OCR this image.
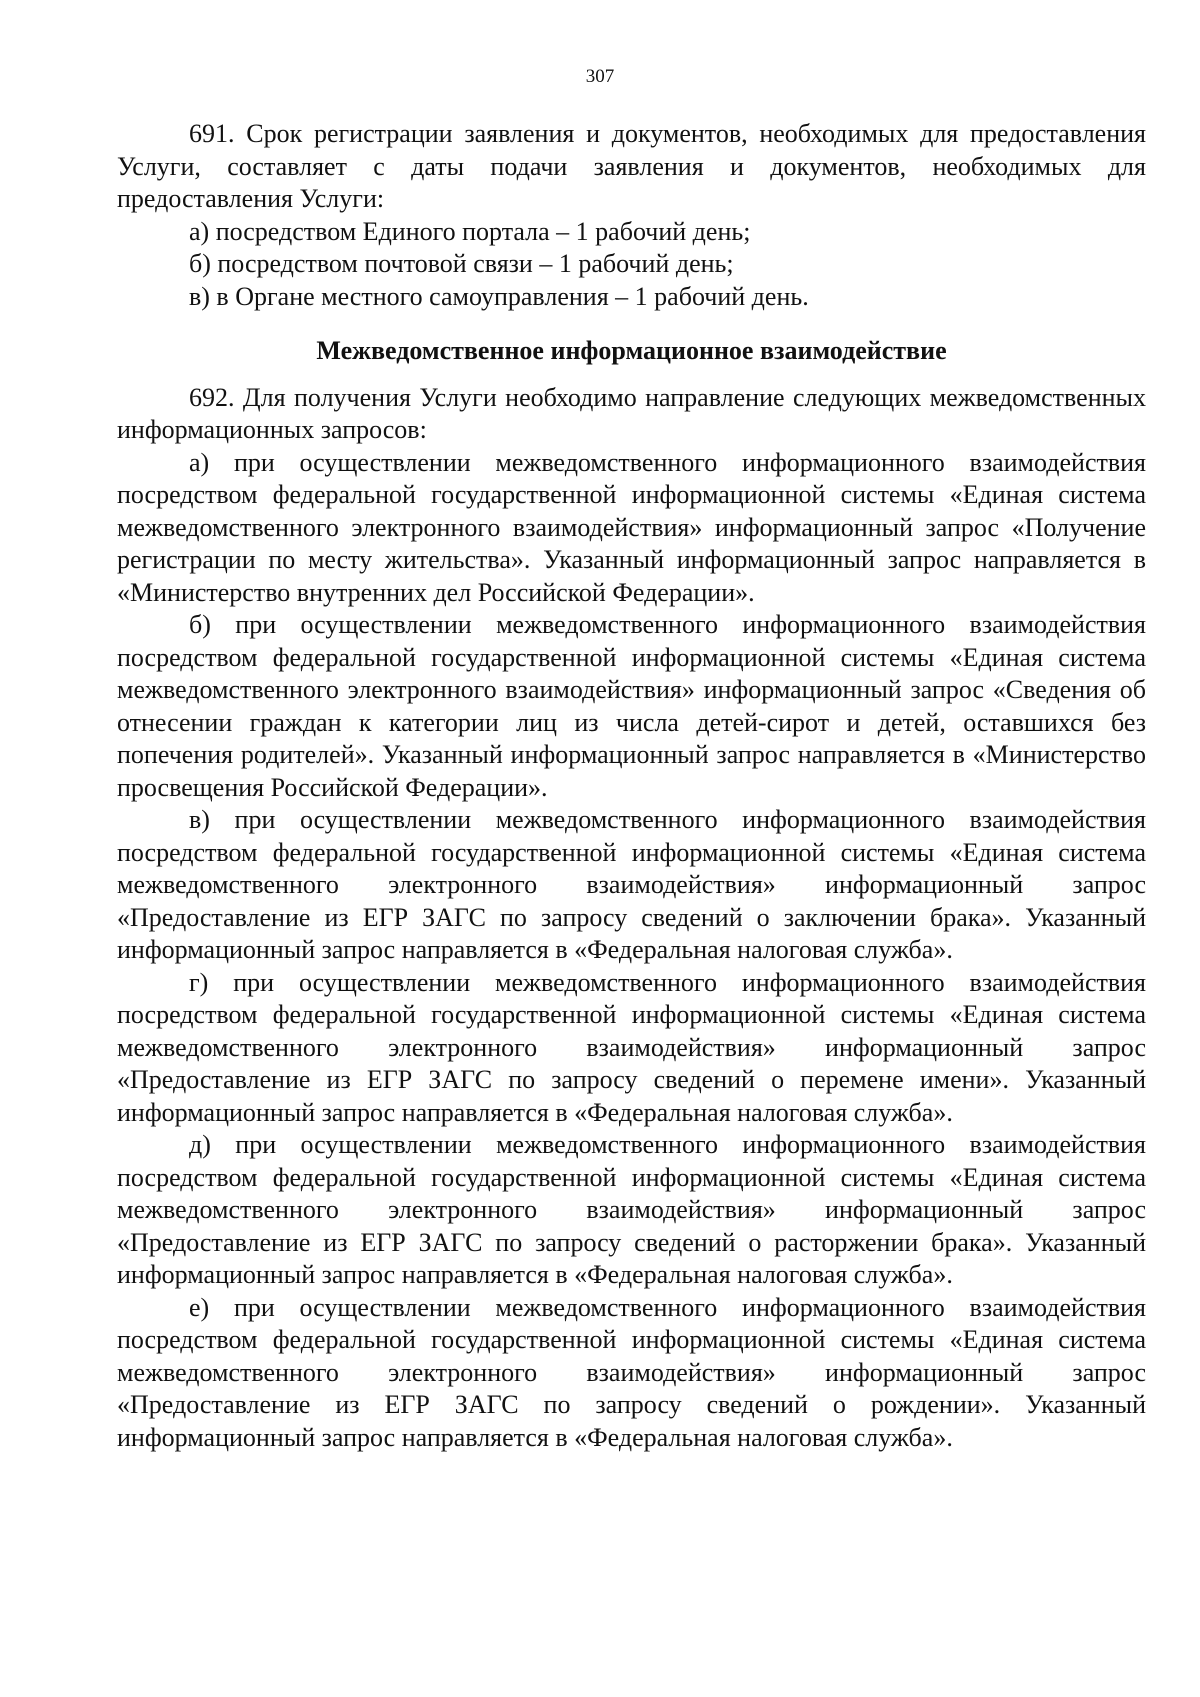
307

691. Срок регистрации заявления и документов, необходимых для предоставления Услуги, составляет с даты подачи заявления и документов, необходимых для предоставления Услуги:

а) посредством Единого портала – 1 рабочий день;

б) посредством почтовой связи – 1 рабочий день;

в) в Органе местного самоуправления – 1 рабочий день.

Межведомственное информационное взаимодействие

692. Для получения Услуги необходимо направление следующих межведомственных информационных запросов:

а) при осуществлении межведомственного информационного взаимодействия посредством федеральной государственной информационной системы «Единая система межведомственного электронного взаимодействия» информационный запрос «Получение регистрации по месту жительства». Указанный информационный запрос направляется в «Министерство внутренних дел Российской Федерации».

б) при осуществлении межведомственного информационного взаимодействия посредством федеральной государственной информационной системы «Единая система межведомственного электронного взаимодействия» информационный запрос «Сведения об отнесении граждан к категории лиц из числа детей-сирот и детей, оставшихся без попечения родителей». Указанный информационный запрос направляется в «Министерство просвещения Российской Федерации».

в) при осуществлении межведомственного информационного взаимодействия посредством федеральной государственной информационной системы «Единая система межведомственного электронного взаимодействия» информационный запрос «Предоставление из ЕГР ЗАГС по запросу сведений о заключении брака». Указанный информационный запрос направляется в «Федеральная налоговая служба».

г) при осуществлении межведомственного информационного взаимодействия посредством федеральной государственной информационной системы «Единая система межведомственного электронного взаимодействия» информационный запрос «Предоставление из ЕГР ЗАГС по запросу сведений о перемене имени». Указанный информационный запрос направляется в «Федеральная налоговая служба».

д) при осуществлении межведомственного информационного взаимодействия посредством федеральной государственной информационной системы «Единая система межведомственного электронного взаимодействия» информационный запрос «Предоставление из ЕГР ЗАГС по запросу сведений о расторжении брака». Указанный информационный запрос направляется в «Федеральная налоговая служба».

е) при осуществлении межведомственного информационного взаимодействия посредством федеральной государственной информационной системы «Единая система межведомственного электронного взаимодействия» информационный запрос «Предоставление из ЕГР ЗАГС по запросу сведений о рождении». Указанный информационный запрос направляется в «Федеральная налоговая служба».
